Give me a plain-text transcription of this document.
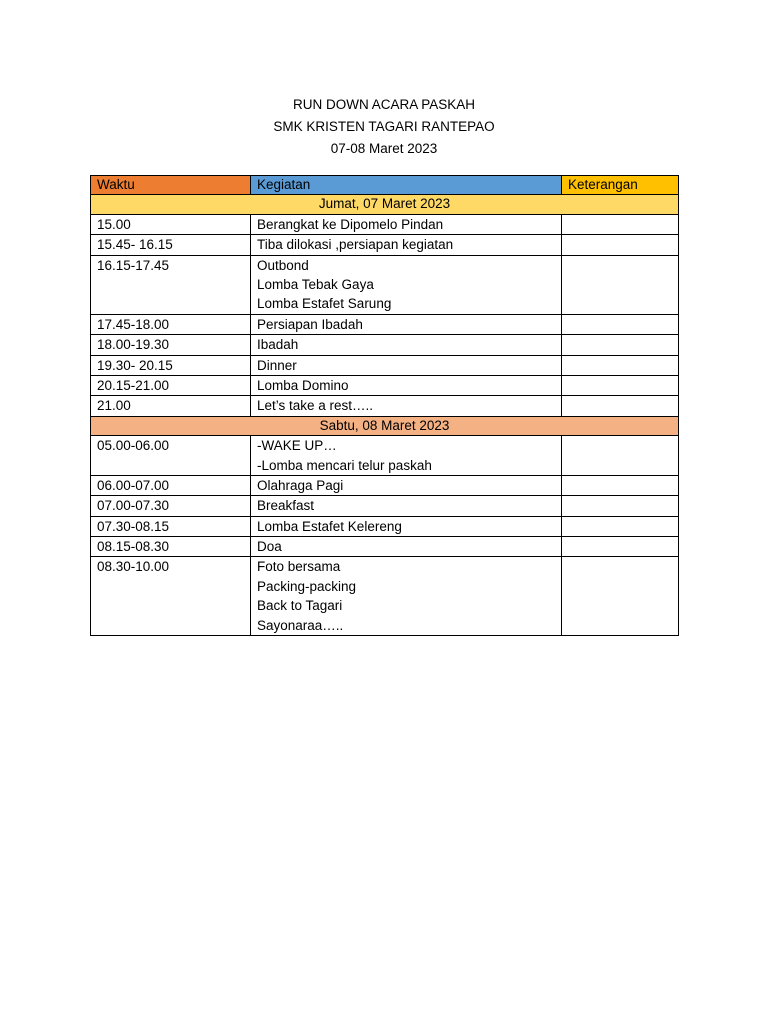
RUN DOWN ACARA PASKAH
SMK KRISTEN TAGARI RANTEPAO
07-08 Maret 2023
Waktu	Kegiatan	Keterangan
Jumat, 07 Maret 2023		

15.00	Berangkat ke Dipomelo Pindan	

15.45- 16.15	Tiba dilokasi ,persiapan kegiatan	

16.15-17.45	Outbond
Lomba Tebak Gaya
Lomba Estafet Sarung	

17.45-18.00	Persiapan Ibadah	

18.00-19.30	Ibadah	

19.30- 20.15	Dinner	

20.15-21.00	Lomba Domino	

21.00	Let’s take a rest…..	

Sabtu, 08 Maret 2023		

05.00-06.00	-WAKE UP…
-Lomba mencari telur paskah	

06.00-07.00	Olahraga Pagi	

07.00-07.30	Breakfast	

07.30-08.15	Lomba Estafet Kelereng	

08.15-08.30	Doa	

08.30-10.00	Foto bersama
Packing-packing
Back to Tagari
Sayonaraa…..	
